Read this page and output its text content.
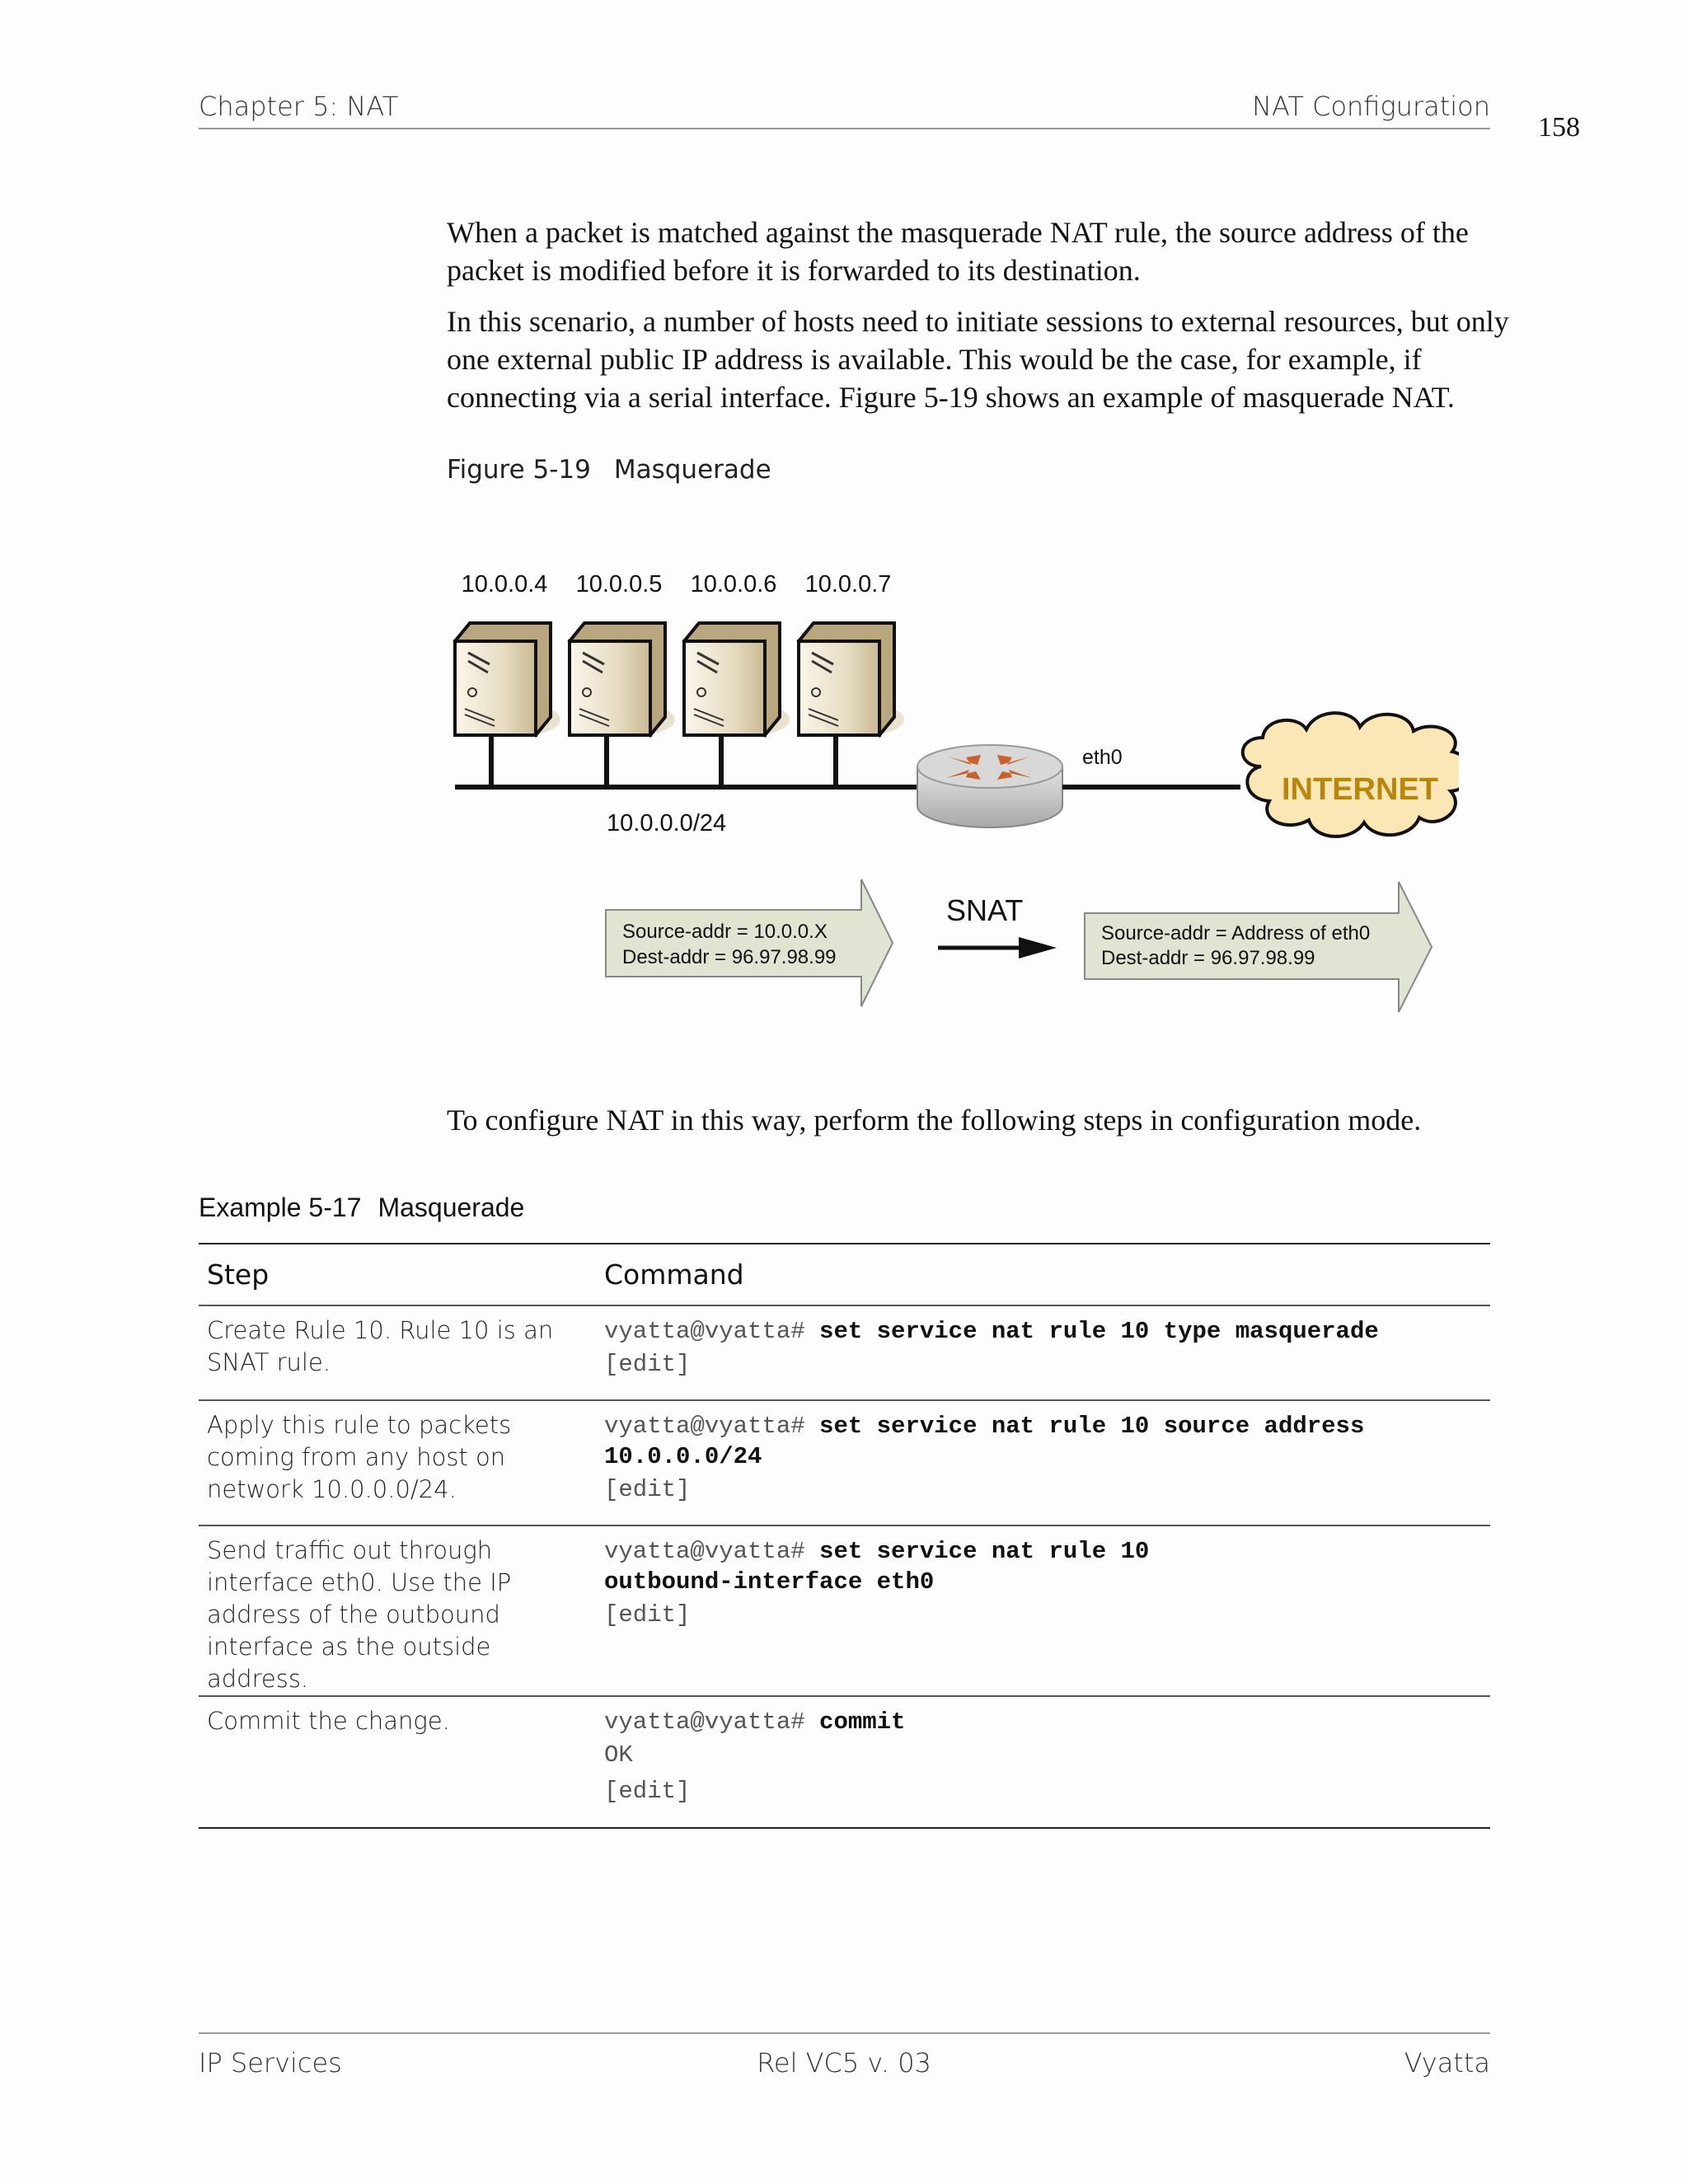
Chapter 5: NAT	NAT Configuration
158
When a packet is matched against the masquerade NAT rule, the source address of the
packet is modified before it is forwarded to its destination.
In this scenario, a number of hosts need to initiate sessions to external resources, but only
one external public IP address is available. This would be the case, for example, if
connecting via a serial interface. Figure 5-19 shows an example of masquerade NAT.
Figure 5-19 Masquerade
10.0.0.4 10.0.0.5 10.0.0.6 10.0.0.7
10.0.0.0/24
eth0
INTERNET
Source-addr = 10.0.0.X
Dest-addr = 96.97.98.99
SNAT
Source-addr = Address of eth0
Dest-addr = 96.97.98.99
To configure NAT in this way, perform the following steps in configuration mode.
Example 5-17 Masquerade
Step	Command
Create Rule 10. Rule 10 is an SNAT rule.	vyatta@vyatta# set service nat rule 10 type masquerade
[edit]

Apply this rule to packets coming from any host on network 10.0.0.0/24.	vyatta@vyatta# set service nat rule 10 source address
10.0.0.0/24
[edit]

Send traffic out through interface eth0. Use the IP address of the outbound interface as the outside address.	vyatta@vyatta# set service nat rule 10
outbound-interface eth0
[edit]

Commit the change.	vyatta@vyatta# commit
OK
[edit]
IP Services	Rel VC5 v. 03	Vyatta
